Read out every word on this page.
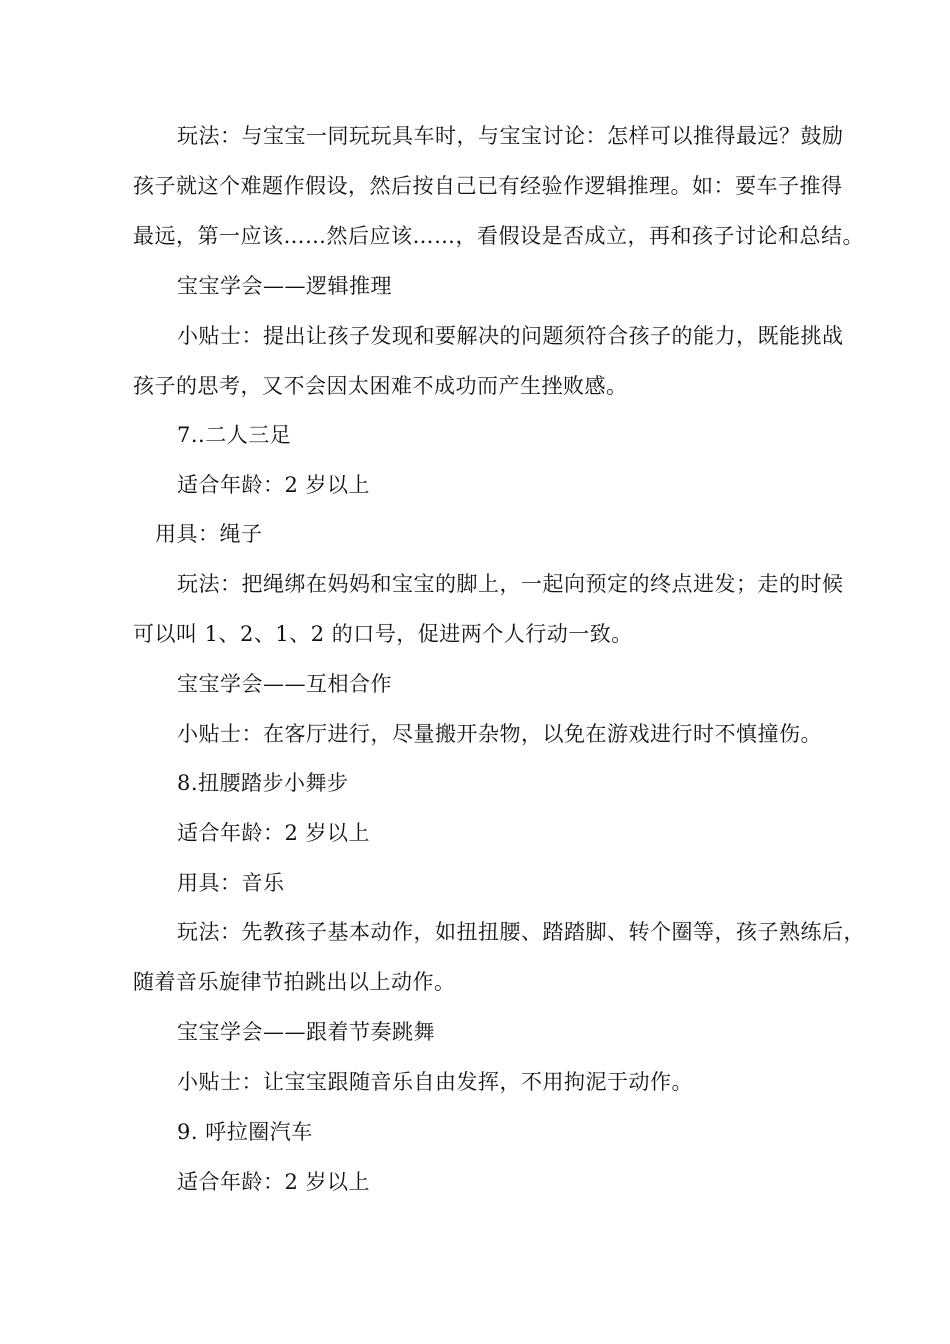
玩法：与宝宝一同玩玩具车时，与宝宝讨论：怎样可以推得最远？鼓励
孩子就这个难题作假设，然后按自己已有经验作逻辑推理。如：要车子推得
最远，第一应该……然后应该……，看假设是否成立，再和孩子讨论和总结。
宝宝学会——逻辑推理
小贴士：提出让孩子发现和要解决的问题须符合孩子的能力，既能挑战
孩子的思考，又不会因太困难不成功而产生挫败感。
7..二人三足
适合年龄：2 岁以上
用具：绳子
玩法：把绳绑在妈妈和宝宝的脚上，一起向预定的终点进发；走的时候
可以叫 1、2、1、2 的口号，促进两个人行动一致。
宝宝学会——互相合作
小贴士：在客厅进行，尽量搬开杂物，以免在游戏进行时不慎撞伤。
8.扭腰踏步小舞步
适合年龄：2 岁以上
用具：音乐
玩法：先教孩子基本动作，如扭扭腰、踏踏脚、转个圈等，孩子熟练后，
随着音乐旋律节拍跳出以上动作。
宝宝学会——跟着节奏跳舞
小贴士：让宝宝跟随音乐自由发挥，不用拘泥于动作。
9. 呼拉圈汽车
适合年龄：2 岁以上
